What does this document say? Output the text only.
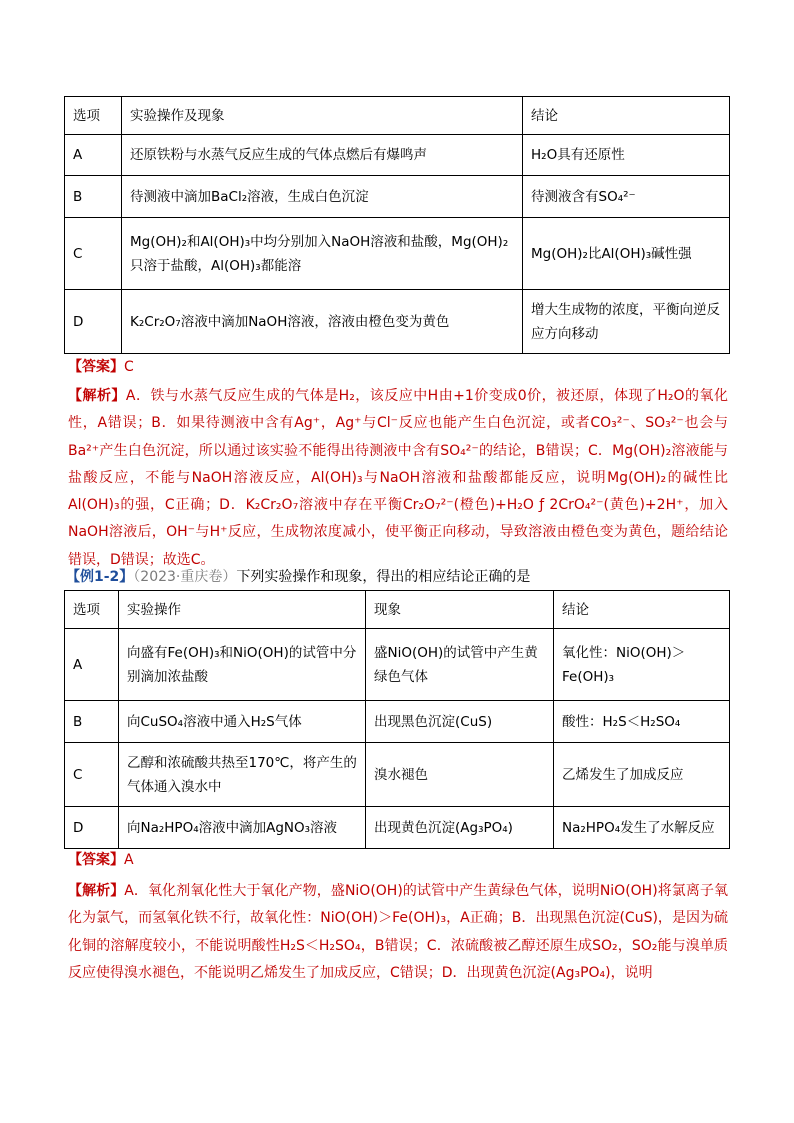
选项	实验操作及现象	结论
A	还原铁粉与水蒸气反应生成的气体点燃后有爆鸣声	H₂O具有还原性
B	待测液中滴加BaCl₂溶液，生成白色沉淀	待测液含有SO₄²⁻
C	Mg(OH)₂和Al(OH)₃中均分别加入NaOH溶液和盐酸，Mg(OH)₂只溶于盐酸，Al(OH)₃都能溶	Mg(OH)₂比Al(OH)₃碱性强
D	K₂Cr₂O₇溶液中滴加NaOH溶液，溶液由橙色变为黄色	增大生成物的浓度，平衡向逆反应方向移动
【答案】C
【解析】A．铁与水蒸气反应生成的气体是H₂，该反应中H由+1价变成0价，被还原，体现了H₂O的氧化性，A错误；B．如果待测液中含有Ag⁺，Ag⁺与Cl⁻反应也能产生白色沉淀，或者CO₃²⁻、SO₃²⁻也会与Ba²⁺产生白色沉淀，所以通过该实验不能得出待测液中含有SO₄²⁻的结论，B错误；C．Mg(OH)₂溶液能与盐酸反应，不能与NaOH溶液反应，Al(OH)₃与NaOH溶液和盐酸都能反应，说明Mg(OH)₂的碱性比Al(OH)₃的强，C正确；D．K₂Cr₂O₇溶液中存在平衡Cr₂O₇²⁻(橙色)+H₂O ƒ 2CrO₄²⁻(黄色)+2H⁺，加入NaOH溶液后，OH⁻与H⁺反应，生成物浓度减小，使平衡正向移动，导致溶液由橙色变为黄色，题给结论错误，D错误；故选C。
【例1-2】（2023·重庆卷）下列实验操作和现象，得出的相应结论正确的是
选项	实验操作	现象	结论
A	向盛有Fe(OH)₃和NiO(OH)的试管中分别滴加浓盐酸	盛NiO(OH)的试管中产生黄绿色气体	氧化性：NiO(OH)＞Fe(OH)₃
B	向CuSO₄溶液中通入H₂S气体	出现黑色沉淀(CuS)	酸性：H₂S＜H₂SO₄
C	乙醇和浓硫酸共热至170℃，将产生的气体通入溴水中	溴水褪色	乙烯发生了加成反应
D	向Na₂HPO₄溶液中滴加AgNO₃溶液	出现黄色沉淀(Ag₃PO₄)	Na₂HPO₄发生了水解反应
【答案】A
【解析】A．氧化剂氧化性大于氧化产物，盛NiO(OH)的试管中产生黄绿色气体，说明NiO(OH)将氯离子氧化为氯气，而氢氧化铁不行，故氧化性：NiO(OH)＞Fe(OH)₃，A正确；B．出现黑色沉淀(CuS)，是因为硫化铜的溶解度较小，不能说明酸性H₂S＜H₂SO₄，B错误；C．浓硫酸被乙醇还原生成SO₂，SO₂能与溴单质反应使得溴水褪色，不能说明乙烯发生了加成反应，C错误；D．出现黄色沉淀(Ag₃PO₄)，说明
